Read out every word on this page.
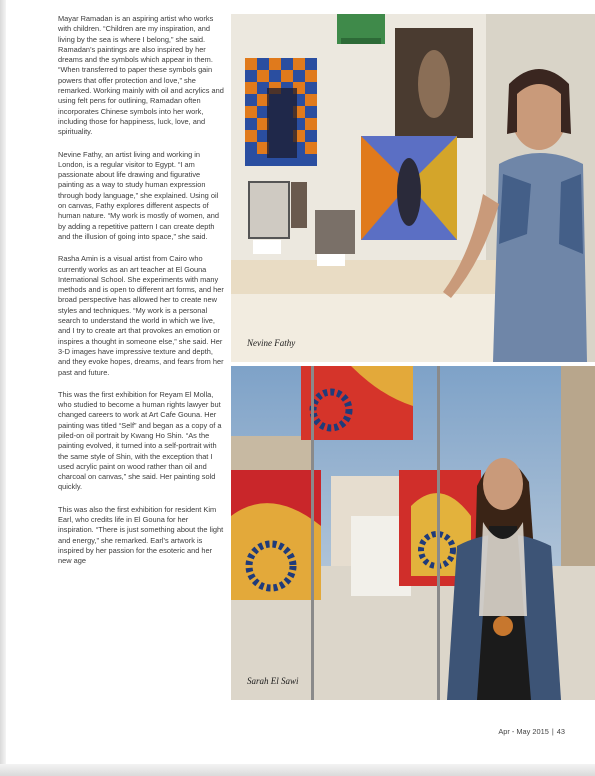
Mayar Ramadan is an aspiring artist who works with children. “Children are my inspiration, and living by the sea is where I belong,” she said. Ramadan’s paintings are also inspired by her dreams and the symbols which appear in them. “When transferred to paper these symbols gain powers that offer protection and love,” she remarked. Working mainly with oil and acrylics and using felt pens for outlining, Ramadan often incorporates Chinese symbols into her work, including those for happiness, luck, love, and spirituality.

Nevine Fathy, an artist living and working in London, is a regular visitor to Egypt. “I am passionate about life drawing and figurative painting as a way to study human expression through body language,” she explained. Using oil on canvas, Fathy explores different aspects of human nature. “My work is mostly of women, and by adding a repetitive pattern I can create depth and the illusion of going into space,” she said.

Rasha Amin is a visual artist from Cairo who currently works as an art teacher at El Gouna International School. She experiments with many methods and is open to different art forms, and her broad perspective has allowed her to create new styles and techniques. “My work is a personal search to understand the world in which we live, and I try to create art that provokes an emotion or inspires a thought in someone else,” she said. Her 3-D images have impressive texture and depth, and they evoke hopes, dreams, and fears from her past and future.

This was the first exhibition for Reyam El Molla, who studied to become a human rights lawyer but changed careers to work at Art Cafe Gouna. Her painting was titled “Self” and began as a copy of a piled-on oil portrait by Kwang Ho Shin. “As the painting evolved, it turned into a self-portrait with the same style of Shin, with the exception that I used acrylic paint on wood rather than oil and charcoal on canvas,” she said. Her painting sold quickly.

This was also the first exhibition for resident Kim Earl, who credits life in El Gouna for her inspiration. “There is just something about the light and energy,” she remarked. Earl’s artwork is inspired by her passion for the esoteric and her new age

Nevine Fathy
Sarah El Sawi
Apr - May 2015 | 43
